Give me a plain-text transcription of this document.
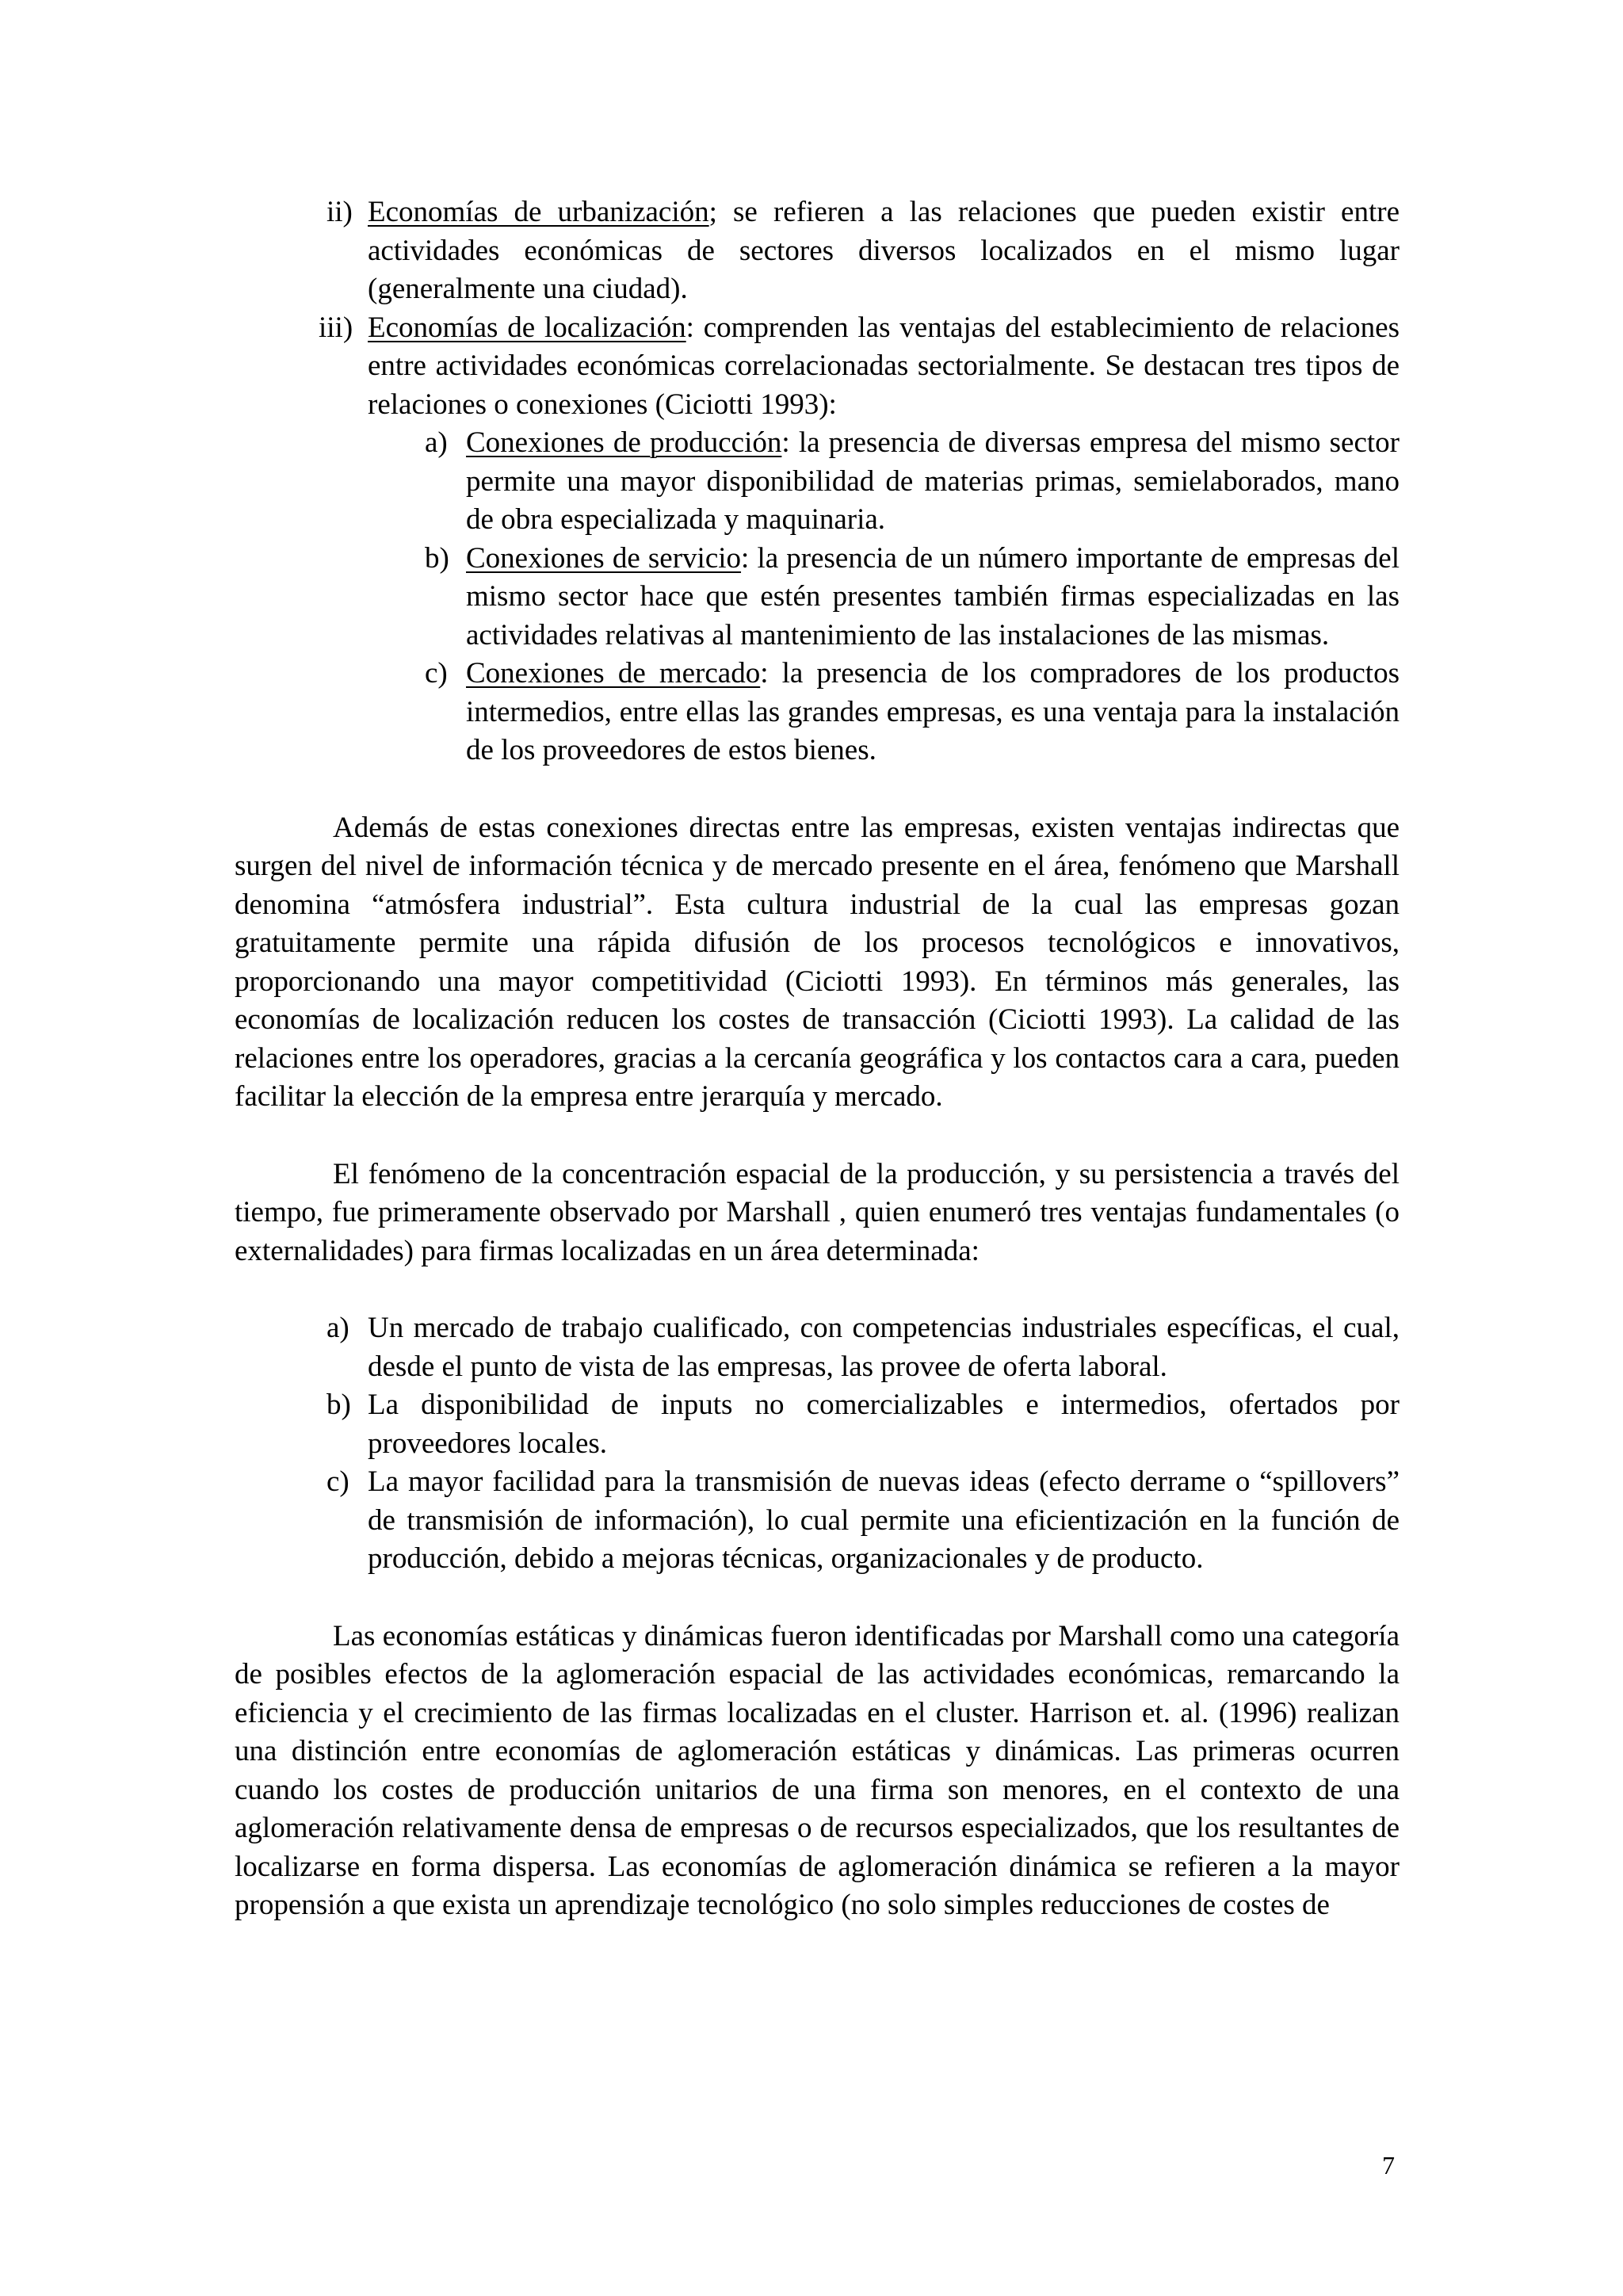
ii) Economías de urbanización; se refieren a las relaciones que pueden existir entre actividades económicas de sectores diversos localizados en el mismo lugar (generalmente una ciudad).
iii) Economías de localización: comprenden las ventajas del establecimiento de relaciones entre actividades económicas correlacionadas sectorialmente. Se destacan tres tipos de relaciones o conexiones (Ciciotti 1993):
a) Conexiones de producción: la presencia de diversas empresa del mismo sector permite una mayor disponibilidad de materias primas, semielaborados, mano de obra especializada y maquinaria.
b) Conexiones de servicio: la presencia de un número importante de empresas del mismo sector hace que estén presentes también firmas especializadas en las actividades relativas al mantenimiento de las instalaciones de las mismas.
c) Conexiones de mercado: la presencia de los compradores de los productos intermedios, entre ellas las grandes empresas, es una ventaja para la instalación de los proveedores de estos bienes.

Además de estas conexiones directas entre las empresas, existen ventajas indirectas que surgen del nivel de información técnica y de mercado presente en el área, fenómeno que Marshall denomina “atmósfera industrial”. Esta cultura industrial de la cual las empresas gozan gratuitamente permite una rápida difusión de los procesos tecnológicos e innovativos, proporcionando una mayor competitividad (Ciciotti 1993). En términos más generales, las economías de localización reducen los costes de transacción (Ciciotti 1993). La calidad de las relaciones entre los operadores, gracias a la cercanía geográfica y los contactos cara a cara, pueden facilitar la elección de la empresa entre jerarquía y mercado.

El fenómeno de la concentración espacial de la producción, y su persistencia a través del tiempo, fue primeramente observado por Marshall , quien enumeró tres ventajas fundamentales (o externalidades) para firmas localizadas en un área determinada:

a) Un mercado de trabajo cualificado, con competencias industriales específicas, el cual, desde el punto de vista de las empresas, las provee de oferta laboral.
b) La disponibilidad de inputs no comercializables e intermedios, ofertados por proveedores locales.
c) La mayor facilidad para la transmisión de nuevas ideas (efecto derrame o “spillovers” de transmisión de información), lo cual permite una eficientización en la función de producción, debido a mejoras técnicas, organizacionales y de producto.

Las economías estáticas y dinámicas fueron identificadas por Marshall como una categoría de posibles efectos de la aglomeración espacial de las actividades económicas, remarcando la eficiencia y el crecimiento de las firmas localizadas en el cluster. Harrison et. al. (1996) realizan una distinción entre economías de aglomeración estáticas y dinámicas. Las primeras ocurren cuando los costes de producción unitarios de una firma son menores, en el contexto de una aglomeración relativamente densa de empresas o de recursos especializados, que los resultantes de localizarse en forma dispersa. Las economías de aglomeración dinámica se refieren a la mayor propensión a que exista un aprendizaje tecnológico (no solo simples reducciones de costes de

7
